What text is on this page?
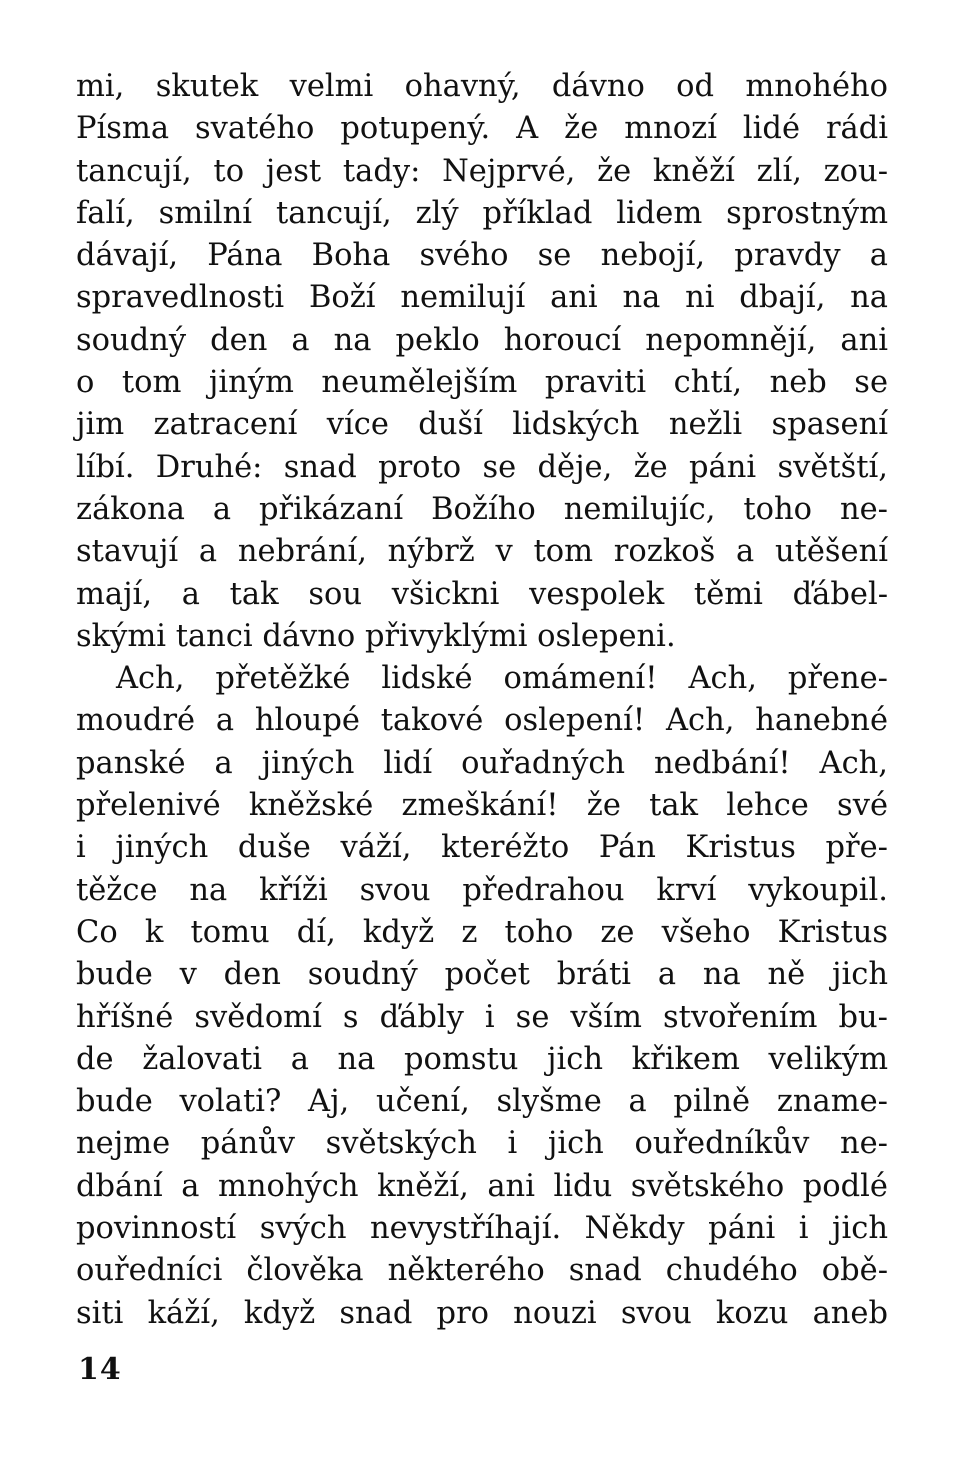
mi, skutek velmi ohavný, dávno od mnohého
Písma svatého potupený. A že mnozí lidé rádi
tancují, to jest tady: Nejprvé, že kněží zlí, zou-
falí, smilní tancují, zlý příklad lidem sprostným
dávají, Pána Boha svého se nebojí, pravdy a
spravedlnosti Boží nemilují ani na ni dbají, na
soudný den a na peklo horoucí nepomnějí, ani
o tom jiným neumělejším praviti chtí, neb se
jim zatracení více duší lidských nežli spasení
líbí. Druhé: snad proto se děje, že páni světští,
zákona a přikázaní Božího nemilujíc, toho ne-
stavují a nebrání, nýbrž v tom rozkoš a utěšení
mají, a tak sou všickni vespolek těmi ďábel-
skými tanci dávno přivyklými oslepeni.
Ach, přetěžké lidské omámení! Ach, přene-
moudré a hloupé takové oslepení! Ach, hanebné
panské a jiných lidí ouřadných nedbání! Ach,
přelenivé kněžské zmeškání! že tak lehce své
i jiných duše váží, kteréžto Pán Kristus pře-
těžce na kříži svou předrahou krví vykoupil.
Co k tomu dí, když z toho ze všeho Kristus
bude v den soudný počet bráti a na ně jich
hříšné svědomí s ďábly i se vším stvořením bu-
de žalovati a na pomstu jich křikem velikým
bude volati? Aj, učení, slyšme a pilně zname-
nejme pánův světských i jich ouředníkův ne-
dbání a mnohých kněží, ani lidu světského podlé
povinností svých nevystříhají. Někdy páni i jich
ouředníci člověka některého snad chudého obě-
siti káží, když snad pro nouzi svou kozu aneb
14
